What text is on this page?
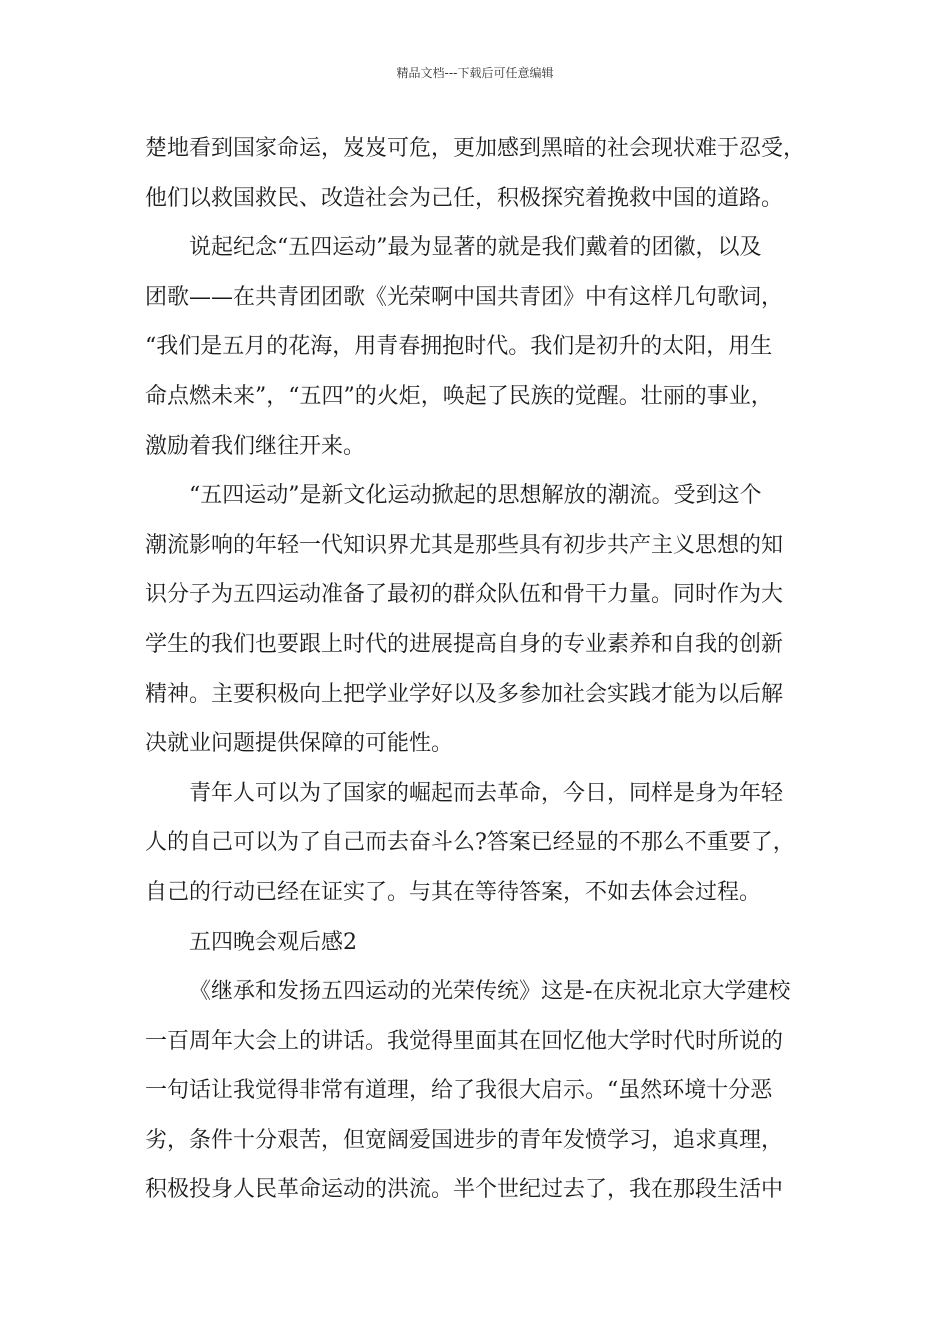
精品文档---下载后可任意编辑
楚地看到国家命运，岌岌可危，更加感到黑暗的社会现状难于忍受，
他们以救国救民、改造社会为己任，积极探究着挽救中国的道路。
说起纪念“五四运动”最为显著的就是我们戴着的团徽，以及
团歌——在共青团团歌《光荣啊中国共青团》中有这样几句歌词，
“我们是五月的花海，用青春拥抱时代。我们是初升的太阳，用生
命点燃未来”，“五四”的火炬，唤起了民族的觉醒。壮丽的事业，
激励着我们继往开来。
“五四运动”是新文化运动掀起的思想解放的潮流。受到这个
潮流影响的年轻一代知识界尤其是那些具有初步共产主义思想的知
识分子为五四运动准备了最初的群众队伍和骨干力量。同时作为大
学生的我们也要跟上时代的进展提高自身的专业素养和自我的创新
精神。主要积极向上把学业学好以及多参加社会实践才能为以后解
决就业问题提供保障的可能性。
青年人可以为了国家的崛起而去革命，今日，同样是身为年轻
人的自己可以为了自己而去奋斗么?答案已经显的不那么不重要了，
自己的行动已经在证实了。与其在等待答案，不如去体会过程。
五四晚会观后感2
《继承和发扬五四运动的光荣传统》这是-在庆祝北京大学建校
一百周年大会上的讲话。我觉得里面其在回忆他大学时代时所说的
一句话让我觉得非常有道理，给了我很大启示。“虽然环境十分恶
劣，条件十分艰苦，但宽阔爱国进步的青年发愤学习，追求真理，
积极投身人民革命运动的洪流。半个世纪过去了，我在那段生活中
